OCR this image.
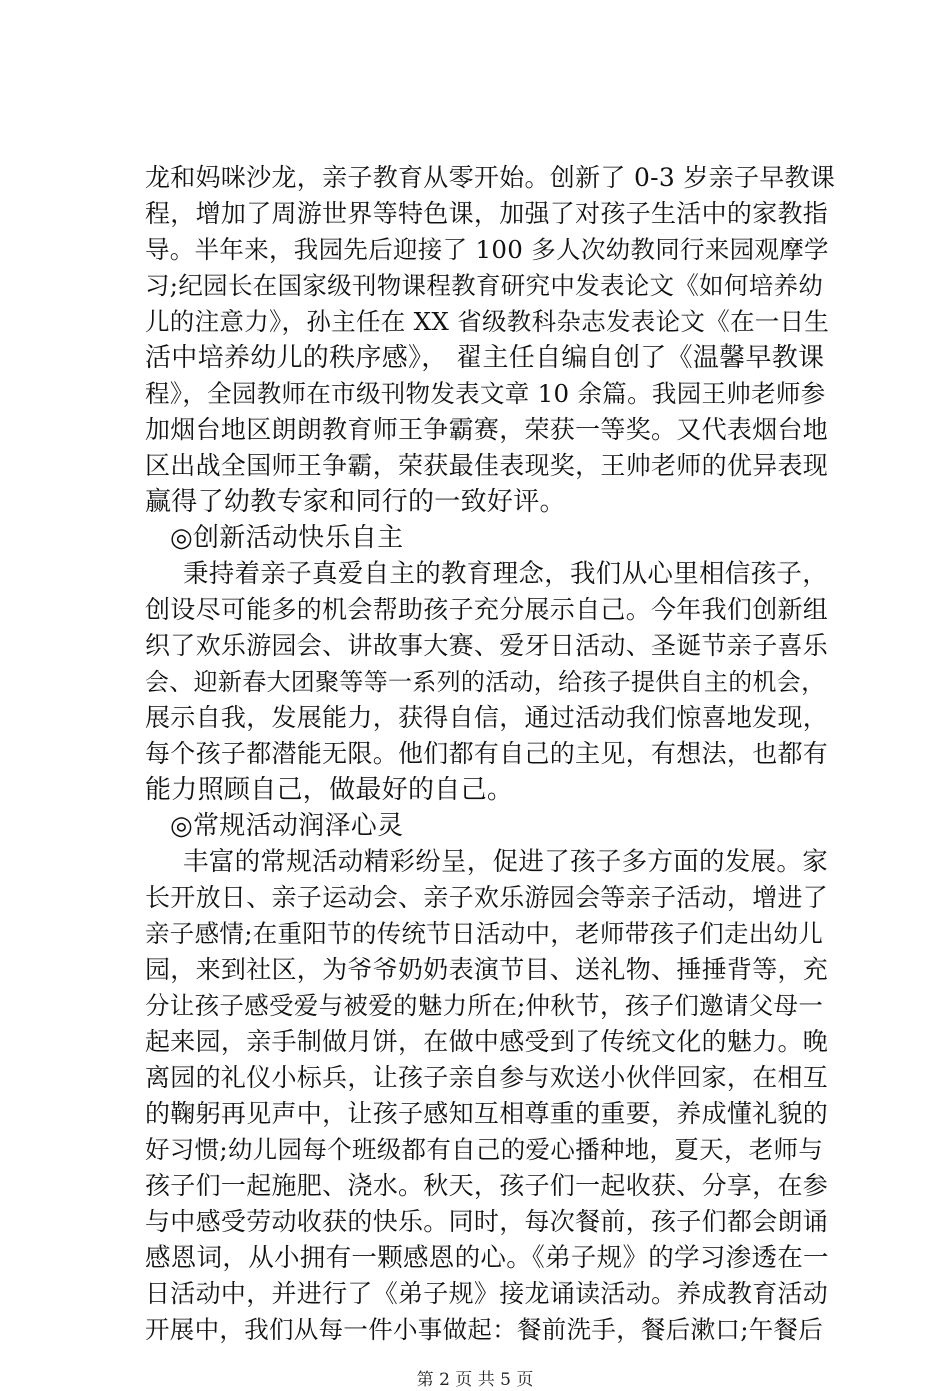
龙和妈咪沙龙，亲子教育从零开始。创新了 0-3 岁亲子早教课
程，增加了周游世界等特色课，加强了对孩子生活中的家教指
导。半年来，我园先后迎接了 100 多人次幼教同行来园观摩学
习;纪园长在国家级刊物课程教育研究中发表论文《如何培养幼
儿的注意力》，孙主任在 XX 省级教科杂志发表论文《在一日生
活中培养幼儿的秩序感》， 翟主任自编自创了《温馨早教课
程》，全园教师在市级刊物发表文章 10 余篇。我园王帅老师参
加烟台地区朗朗教育师王争霸赛，荣获一等奖。又代表烟台地
区出战全国师王争霸，荣获最佳表现奖，王帅老师的优异表现
赢得了幼教专家和同行的一致好评。
◎创新活动快乐自主
秉持着亲子真爱自主的教育理念，我们从心里相信孩子，
创设尽可能多的机会帮助孩子充分展示自己。今年我们创新组
织了欢乐游园会、讲故事大赛、爱牙日活动、圣诞节亲子喜乐
会、迎新春大团聚等等一系列的活动，给孩子提供自主的机会，
展示自我，发展能力，获得自信，通过活动我们惊喜地发现，
每个孩子都潜能无限。他们都有自己的主见，有想法，也都有
能力照顾自己，做最好的自己。
◎常规活动润泽心灵
丰富的常规活动精彩纷呈，促进了孩子多方面的发展。家
长开放日、亲子运动会、亲子欢乐游园会等亲子活动，增进了
亲子感情;在重阳节的传统节日活动中，老师带孩子们走出幼儿
园，来到社区，为爷爷奶奶表演节目、送礼物、捶捶背等，充
分让孩子感受爱与被爱的魅力所在;仲秋节，孩子们邀请父母一
起来园，亲手制做月饼，在做中感受到了传统文化的魅力。晚
离园的礼仪小标兵，让孩子亲自参与欢送小伙伴回家，在相互
的鞠躬再见声中，让孩子感知互相尊重的重要，养成懂礼貌的
好习惯;幼儿园每个班级都有自己的爱心播种地，夏天，老师与
孩子们一起施肥、浇水。秋天，孩子们一起收获、分享，在参
与中感受劳动收获的快乐。同时，每次餐前，孩子们都会朗诵
感恩词，从小拥有一颗感恩的心。《弟子规》的学习渗透在一
日活动中，并进行了《弟子规》接龙诵读活动。养成教育活动
开展中，我们从每一件小事做起：餐前洗手，餐后漱口;午餐后
第 2 页 共 5 页
